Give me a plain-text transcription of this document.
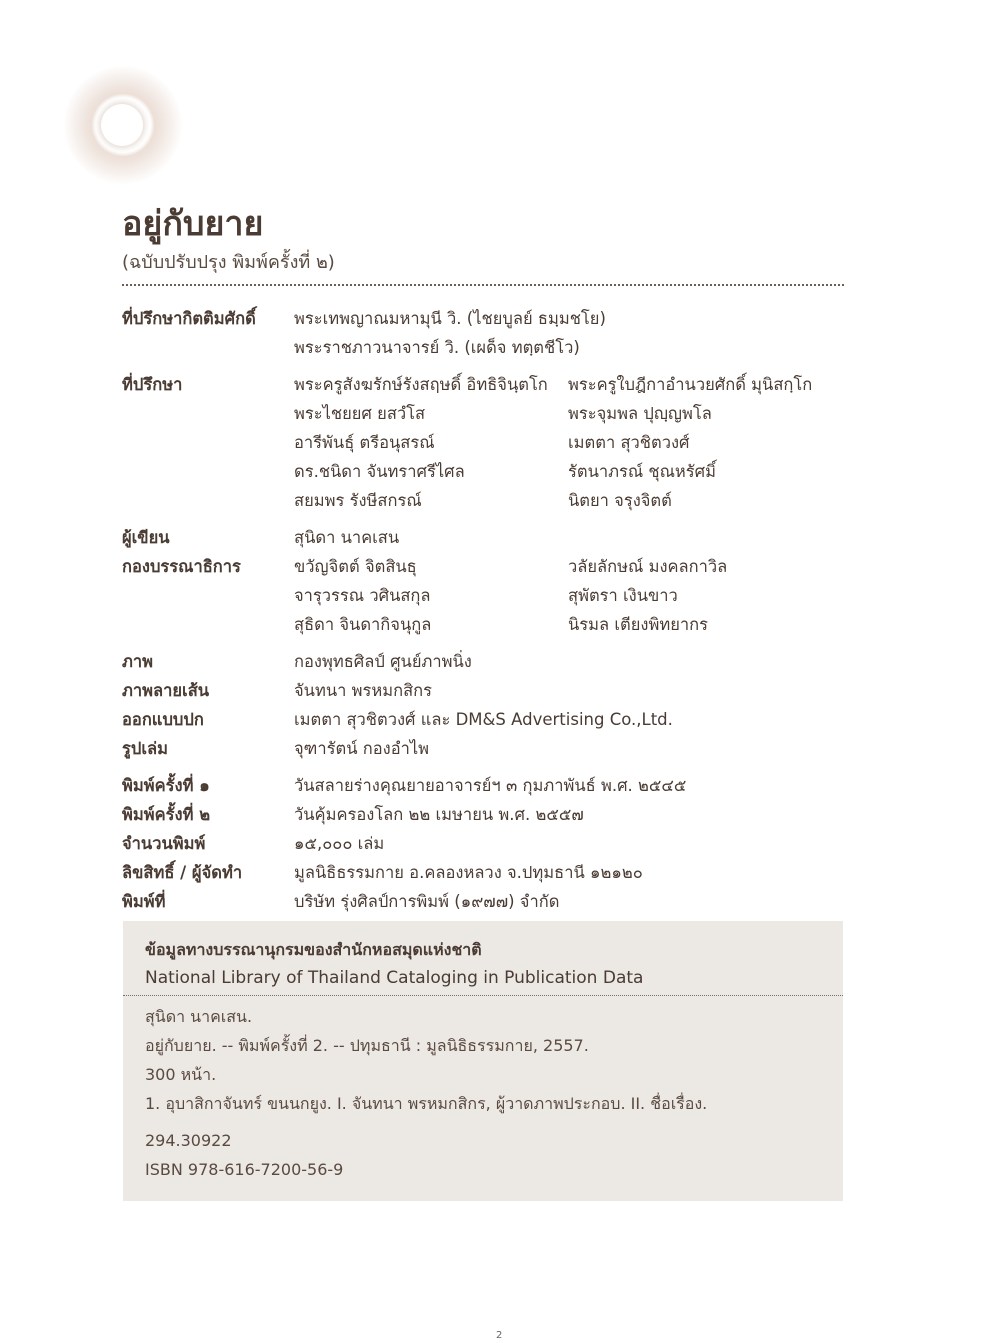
อยู่กับยาย
(ฉบับปรับปรุง พิมพ์ครั้งที่ ๒)
ที่ปรึกษากิตติมศักดิ์	พระเทพญาณมหามุนี วิ. (ไชยบูลย์ ธมฺมชโย)
พระราชภาวนาจารย์ วิ. (เผด็จ ทตฺตชีโว)
ที่ปรึกษา	พระครูสังฆรักษ์รังสฤษดิ์ อิทธิจินฺตโก	พระครูใบฎีกาอำนวยศักดิ์ มุนิสกฺโก
พระไชยยศ ยสวํโส	พระจุมพล ปุญฺญพโล
อารีพันธุ์ ตรีอนุสรณ์	เมตตา สุวชิตวงศ์
ดร.ชนิดา จันทราศรีไศล	รัตนาภรณ์ ชุณหรัศมิ์
สยมพร รังษีสกรณ์	นิตยา จรุงจิตต์
ผู้เขียน	สุนิดา นาคเสน
กองบรรณาธิการ	ขวัญจิตต์ จิตสินธุ	วลัยลักษณ์ มงคลกาวิล
จารุวรรณ วศินสกุล	สุพัตรา เงินขาว
สุธิดา จินดากิจนุกูล	นิรมล เตียงพิทยากร
ภาพ	กองพุทธศิลป์ ศูนย์ภาพนิ่ง
ภาพลายเส้น	จันทนา พรหมกสิกร
ออกแบบปก	เมตตา สุวชิตวงศ์ และ DM&S Advertising Co.,Ltd.
รูปเล่ม	จุฑารัตน์ กองอำไพ
พิมพ์ครั้งที่ ๑	วันสลายร่างคุณยายอาจารย์ฯ ๓ กุมภาพันธ์ พ.ศ. ๒๕๔๕
พิมพ์ครั้งที่ ๒	วันคุ้มครองโลก ๒๒ เมษายน พ.ศ. ๒๕๕๗
จำนวนพิมพ์	๑๕,๐๐๐ เล่ม
ลิขสิทธิ์ / ผู้จัดทำ	มูลนิธิธรรมกาย อ.คลองหลวง จ.ปทุมธานี ๑๒๑๒๐
พิมพ์ที่	บริษัท รุ่งศิลป์การพิมพ์ (๑๙๗๗) จำกัด
ข้อมูลทางบรรณานุกรมของสำนักหอสมุดแห่งชาติ
National Library of Thailand Cataloging in Publication Data
สุนิดา นาคเสน.
อยู่กับยาย. -- พิมพ์ครั้งที่ 2. -- ปทุมธานี : มูลนิธิธรรมกาย, 2557.
300 หน้า.
1. อุบาสิกาจันทร์ ขนนกยูง. I. จันทนา พรหมกสิกร, ผู้วาดภาพประกอบ. II. ชื่อเรื่อง.
294.30922
ISBN 978-616-7200-56-9
2
